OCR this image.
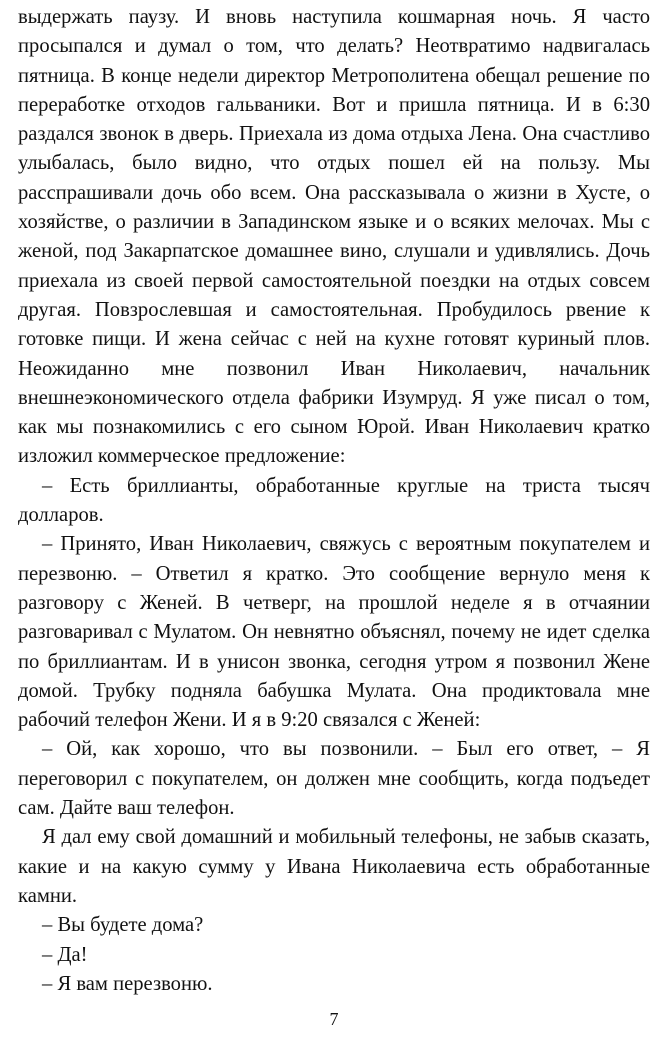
выдержать паузу. И вновь наступила кошмарная ночь. Я часто просыпался и думал о том, что делать? Неотвратимо надвигалась пятница. В конце недели директор Метрополитена обещал решение по переработке отходов гальваники. Вот и пришла пятница. И в 6:30 раздался звонок в дверь. Приехала из дома отдыха Лена. Она счастливо улыбалась, было видно, что отдых пошел ей на пользу. Мы расспрашивали дочь обо всем. Она рассказывала о жизни в Хусте, о хозяйстве, о различии в Западинском языке и о всяких мелочах. Мы с женой, под Закарпатское домашнее вино, слушали и удивлялись. Дочь приехала из своей первой самостоятельной поездки на отдых совсем другая. Повзрослевшая и самостоятельная. Пробудилось рвение к готовке пищи. И жена сейчас с ней на кухне готовят куриный плов. Неожиданно мне позвонил Иван Николаевич, начальник внешнеэкономического отдела фабрики Изумруд. Я уже писал о том, как мы познакомились с его сыном Юрой. Иван Николаевич кратко изложил коммерческое предложение:

– Есть бриллианты, обработанные круглые на триста тысяч долларов.

– Принято, Иван Николаевич, свяжусь с вероятным покупателем и перезвоню. – Ответил я кратко. Это сообщение вернуло меня к разговору с Женей. В четверг, на прошлой неделе я в отчаянии разговаривал с Мулатом. Он невнятно объяснял, почему не идет сделка по бриллиантам. И в унисон звонка, сегодня утром я позвонил Жене домой. Трубку подняла бабушка Мулата. Она продиктовала мне рабочий телефон Жени. И я в 9:20 связался с Женей:

– Ой, как хорошо, что вы позвонили. – Был его ответ, – Я переговорил с покупателем, он должен мне сообщить, когда подъедет сам. Дайте ваш телефон.

Я дал ему свой домашний и мобильный телефоны, не забыв сказать, какие и на какую сумму у Ивана Николаевича есть обработанные камни.

– Вы будете дома?

– Да!

– Я вам перезвоню.

7
